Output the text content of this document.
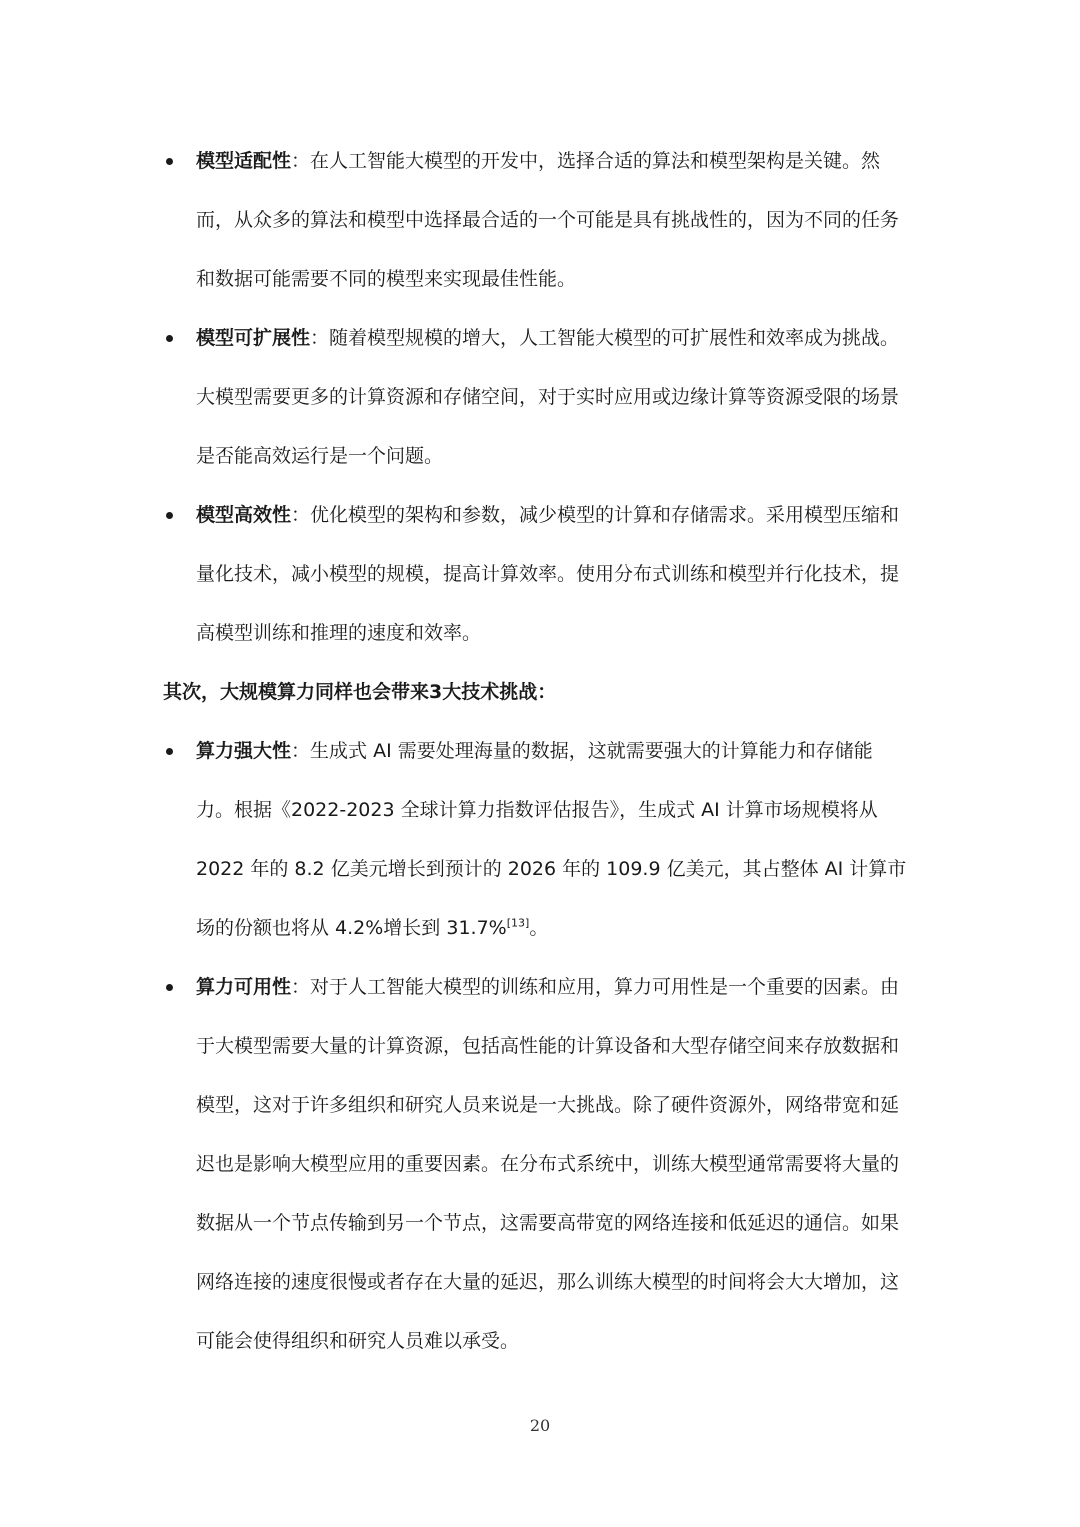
模型适配性：在人工智能大模型的开发中，选择合适的算法和模型架构是关键。然而，从众多的算法和模型中选择最合适的一个可能是具有挑战性的，因为不同的任务和数据可能需要不同的模型来实现最佳性能。
模型可扩展性：随着模型规模的增大，人工智能大模型的可扩展性和效率成为挑战。大模型需要更多的计算资源和存储空间，对于实时应用或边缘计算等资源受限的场景是否能高效运行是一个问题。
模型高效性：优化模型的架构和参数，减少模型的计算和存储需求。采用模型压缩和量化技术，减小模型的规模，提高计算效率。使用分布式训练和模型并行化技术，提高模型训练和推理的速度和效率。
其次，大规模算力同样也会带来3大技术挑战：
算力强大性：生成式 AI 需要处理海量的数据，这就需要强大的计算能力和存储能力。根据《2022-2023 全球计算力指数评估报告》，生成式 AI 计算市场规模将从 2022 年的 8.2 亿美元增长到预计的 2026 年的 109.9 亿美元，其占整体 AI 计算市场的份额也将从 4.2%增长到 31.7%[13]。
算力可用性：对于人工智能大模型的训练和应用，算力可用性是一个重要的因素。由于大模型需要大量的计算资源，包括高性能的计算设备和大型存储空间来存放数据和模型，这对于许多组织和研究人员来说是一大挑战。除了硬件资源外，网络带宽和延迟也是影响大模型应用的重要因素。在分布式系统中，训练大模型通常需要将大量的数据从一个节点传输到另一个节点，这需要高带宽的网络连接和低延迟的通信。如果网络连接的速度很慢或者存在大量的延迟，那么训练大模型的时间将会大大增加，这可能会使得组织和研究人员难以承受。
20
